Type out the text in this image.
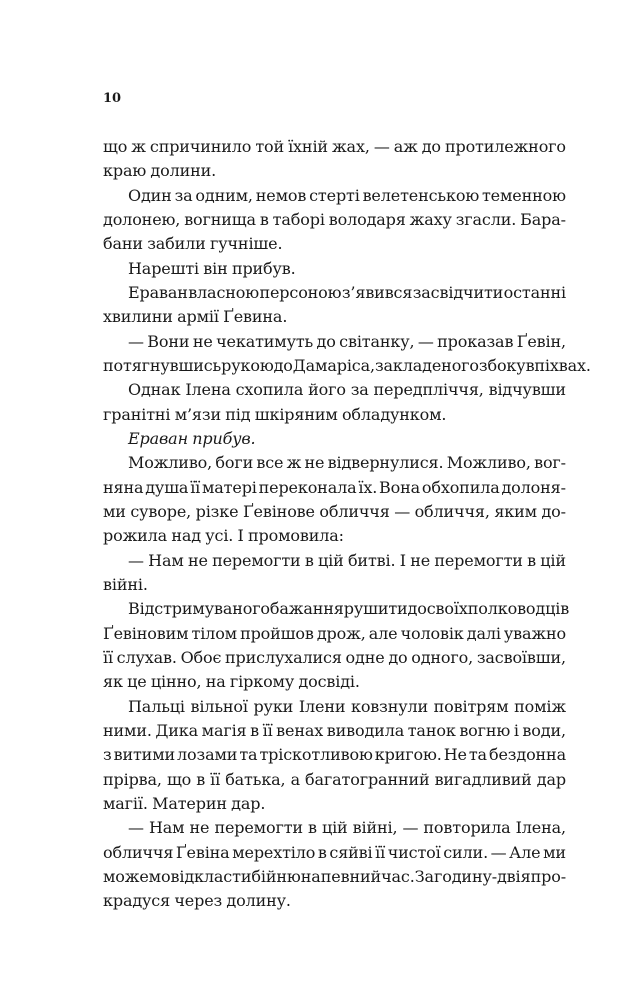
10
що ж спричинило той їхній жах, — аж до протилежного
краю долини.
Один за одним, немов стерті велетенською теменною
долонею, вогнища в таборі володаря жаху згасли. Бара-
бани забили гучніше.
Нарешті він прибув.
Ераван власною персоною з’явився засвідчити останні
хвилини армії Ґевина.
— Вони не чекатимуть до світанку, — проказав Ґевін,
потягнувшись рукою до Дамаріса, закладеного збоку в піхвах.
Однак Ілена схопила його за передпліччя, відчувши
гранітні м’язи під шкіряним обладунком.
Ераван прибув.
Можливо, боги все ж не відвернулися. Можливо, вог-
няна душа її матері переконала їх. Вона обхопила долоня-
ми суворе, різке Ґевінове обличчя — обличчя, яким до-
рожила над усі. І промовила:
— Нам не перемогти в цій битві. І не перемогти в цій
війні.
Від стримуваного бажання рушити до своїх полководців
Ґевіновим тілом пройшов дрож, але чоловік далі уважно
її слухав. Обоє прислухалися одне до одного, засвоївши,
як це цінно, на гіркому досвіді.
Пальці вільної руки Ілени ковзнули повітрям поміж
ними. Дика магія в її венах виводила танок вогню і води,
з витими лозами та тріскотливою кригою. Не та бездонна
прірва, що в її батька, а багатогранний вигадливий дар
магії. Материн дар.
— Нам не перемогти в цій війні, — повторила Ілена,
обличчя Ґевіна мерехтіло в сяйві її чистої сили. — Але ми
можемо відкласти бійню на певний час. За годину-дві я про-
крадуся через долину.
